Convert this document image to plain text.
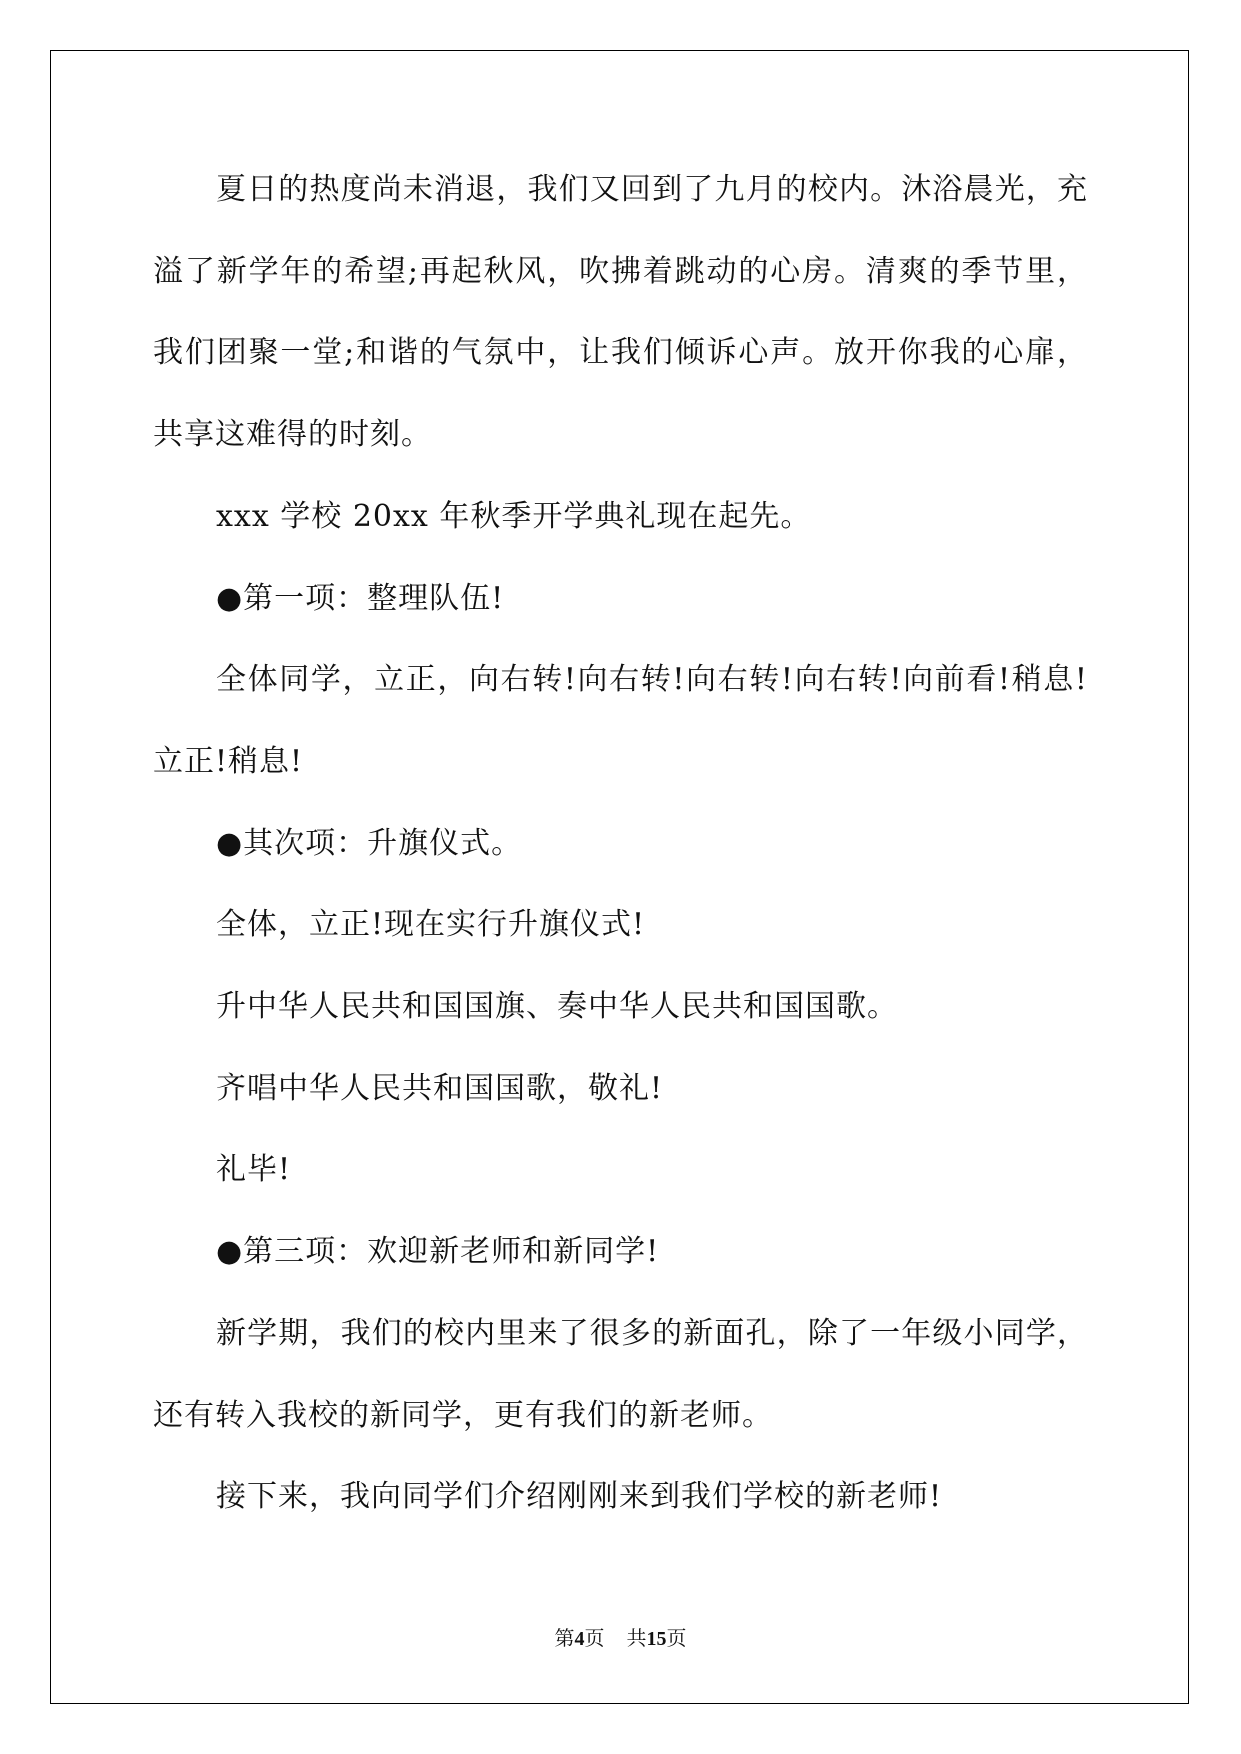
夏日的热度尚未消退，我们又回到了九月的校内。沐浴晨光，充溢了新学年的希望;再起秋风，吹拂着跳动的心房。清爽的季节里，我们团聚一堂;和谐的气氛中，让我们倾诉心声。放开你我的心扉，共享这难得的时刻。

xxx 学校 20xx 年秋季开学典礼现在起先。

●第一项：整理队伍!

全体同学，立正，向右转!向右转!向右转!向右转!向前看!稍息!立正!稍息!

●其次项：升旗仪式。

全体，立正!现在实行升旗仪式!

升中华人民共和国国旗、奏中华人民共和国国歌。

齐唱中华人民共和国国歌，敬礼!

礼毕!

●第三项：欢迎新老师和新同学!

新学期，我们的校内里来了很多的新面孔，除了一年级小同学，还有转入我校的新同学，更有我们的新老师。

接下来，我向同学们介绍刚刚来到我们学校的新老师!

第4页 共15页
